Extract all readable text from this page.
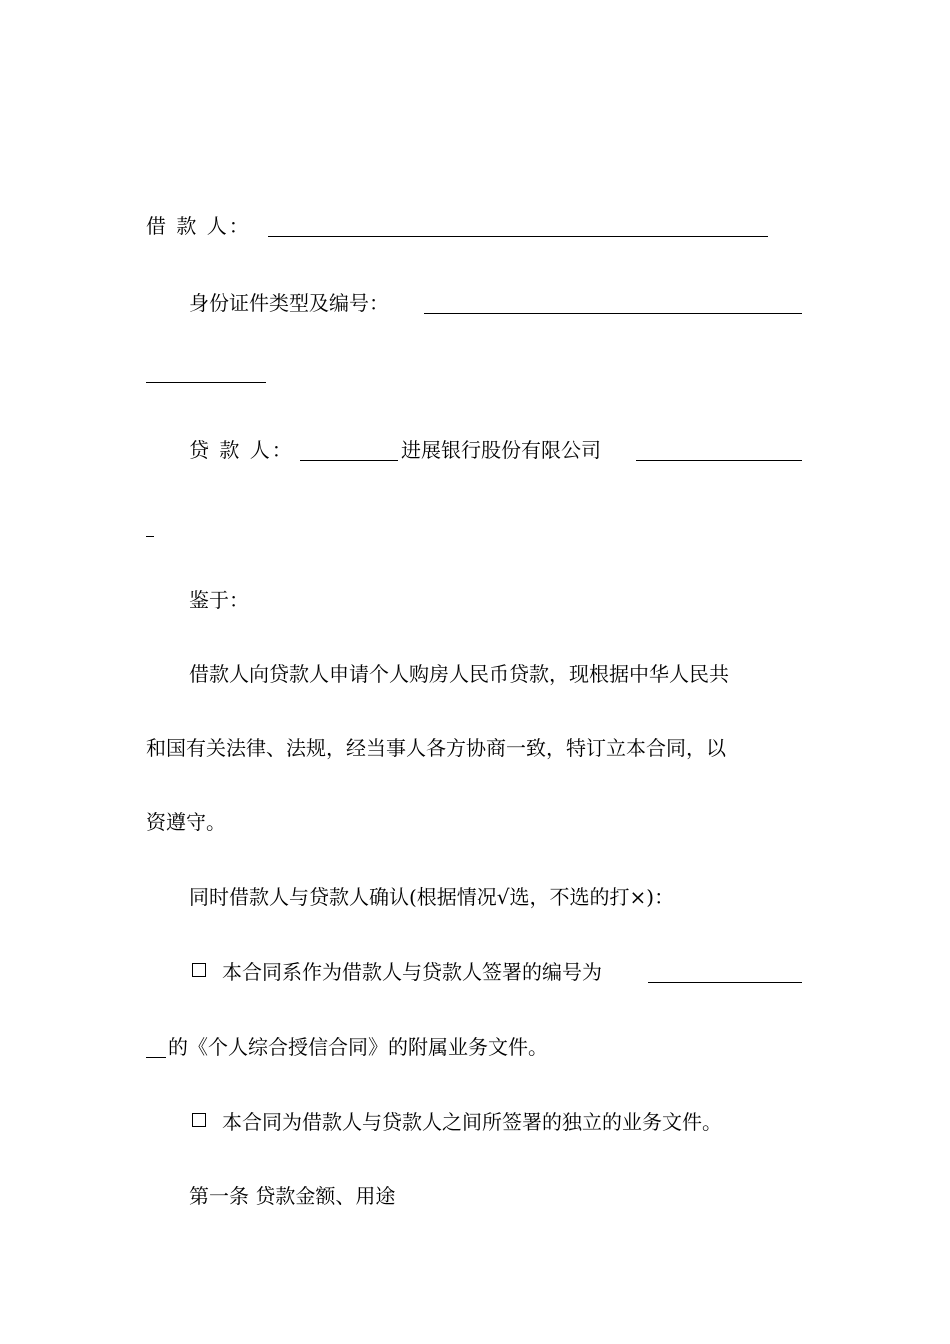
借 款 人：
身份证件类型及编号：
贷 款 人：	进展银行股份有限公司
鉴于：
借款人向贷款人申请个人购房人民币贷款，现根据中华人民共
和国有关法律、法规，经当事人各方协商一致，特订立本合同，以
资遵守。
同时借款人与贷款人确认(根据情况√选，不选的打×)：
本合同系作为借款人与贷款人签署的编号为
的《个人综合授信合同》的附属业务文件。
本合同为借款人与贷款人之间所签署的独立的业务文件。
第一条 贷款金额、用途
